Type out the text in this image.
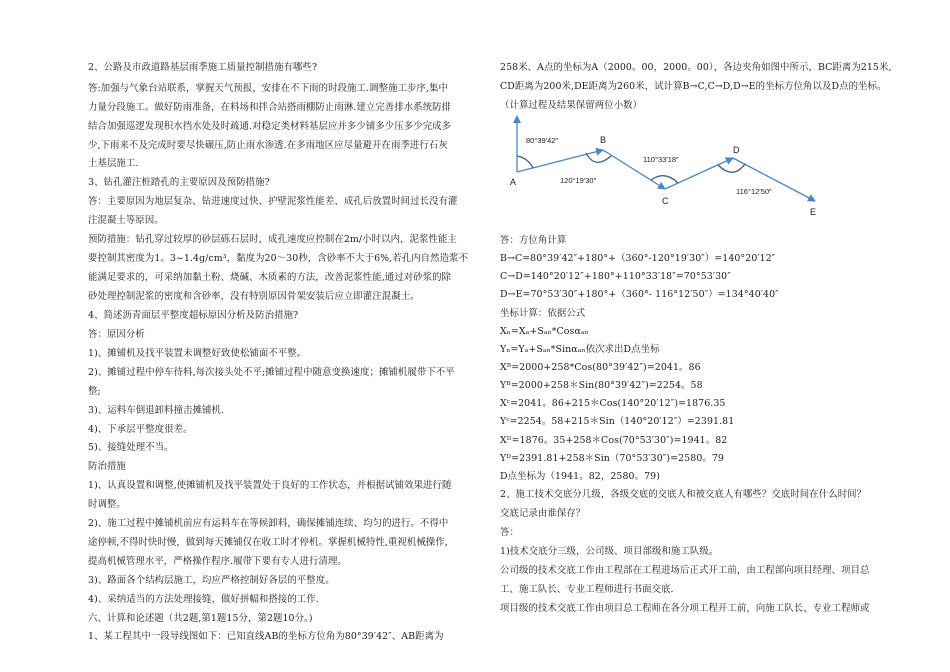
2、公路及市政道路基层雨季施工质量控制措施有哪些?
答:加强与气象台站联系，掌握天气预报，安排在不下雨的时段施工.调整施工步序,集中
力量分段施工。做好防雨准备，在料场和拌合站搭雨棚防止雨淋.建立完善排水系统防排
结合加强巡逻发现积水挡水处及时疏通.对稳定类材料基层应并多少铺多少压多少完成多
少,下雨来不及完成时要尽快碾压,防止雨水渗透.在多雨地区应尽量避开在雨季进行石灰
土基层施工.
3、钻孔灌注桩踏孔的主要原因及预防措施?
答：主要原因为地层复杂、钻进速度过快、护壁泥浆性能差、成孔后放置时间过长没有灌
注混凝土等原因。
预防措施：钻孔穿过较厚的砂层砾石层时，成孔速度应控制在2m/小时以内，泥浆性能主
要控制其密度为1。3~1.4g/cm³，黏度为20～30秒，含砂率不大于6%,若孔内自然造浆不
能满足要求的，可采纳加黏土粉、烧碱、木质素的方法，改善泥浆性能,通过对砂浆的除
砂处理控制泥浆的密度和含砂率，没有特别原因骨架安装后应立即灌注混凝土。
4、简述沥青面层平整度超标原因分析及防治措施?
答：原因分析
1)、摊铺机及找平装置未调整好致使松铺面不平整。
2)、摊铺过程中停车待料,每次接头处不平;摊铺过程中随意变换速度；摊铺机履带下不平
整;
3)、运料车倒退卸料撞击摊铺机.
4)、下承层平整度很差。
5)、接缝处理不当。
防治措施
1)、认真设置和调整,使摊铺机及找平装置处于良好的工作状态，并根据试铺效果进行随
时调整。
2)、施工过程中摊铺机前应有运料车在等候卸料，确保摊铺连续、均匀的进行。不得中
途停顿,不得时快时慢，做到每天摊铺仅在收工时才停机。掌握机械特性,重视机械操作,
提高机械管理水平，严格操作程序.履带下要有专人进行清理。
3)、路面各个结构层施工，均应严格控制好各层的平整度。
4)、采纳适当的方法处理接缝，做好拼幅和搭接的工作.
六、计算和论述题（共2题,第1题15分，第2题10分。)
1、某工程其中一段导线图如下：已知直线AB的坐标方位角为80°39′42″、AB距离为
258米、A点的坐标为A（2000。00，2000。00），各边夹角如图中所示，BC距离为215米,
CD距离为200米,DE距离为260米，试计算B→C,C→D,D→E的坐标方位角以及D点的坐标。
（计算过程及结果保留两位小数）
答：方位角计算
B→C=80°39′42″+180°+（360°-120°19′30″）=140°20′12″
C→D=140°20′12″+180°+110°33′18″=70°53′30″
D→E=70°53′30″+180°+（360°- 116°12′50″）=134°40′40″
坐标计算：依据公式
Xₙ=Xₐ+Sₐₙ*Cosαₐₙ
Yₙ=Yₐ+Sₐₙ*Sinαₐₙ依次求出D点坐标
Xᴮ=2000+258*Cos(80°39′42″)=2041。86
Yᴮ=2000+258＊Sin(80°39′42″)=2254。58
Xᶜ=2041。86+215＊Cos(140°20′12″)=1876.35
Yᶜ=2254。58+215＊Sin（140°20′12″）=2391.81
Xᴰ=1876。35+258＊Cos(70°53′30″)=1941。82
Yᴰ=2391.81+258＊Sin（70°53′30″)=2580。79
D点坐标为（1941。82，2580。79)
2、施工技术交底分几级，各级交底的交底人和被交底人有哪些？交底时间在什么时间？
交底记录由谁保存？
答：
1)技术交底分三级，公司级、项目部级和施工队级。
公司级的技术交底工作由工程部在工程进场后正式开工前，由工程部向项目经理、项目总
工、施工队长、专业工程师进行书面交底.
项目级的技术交底工作由项目总工程师在各分项工程开工前，向施工队长、专业工程师或
A
B
C
D
E
80°39′42″
120°19′30″
110°33′18″
116°12′50″
